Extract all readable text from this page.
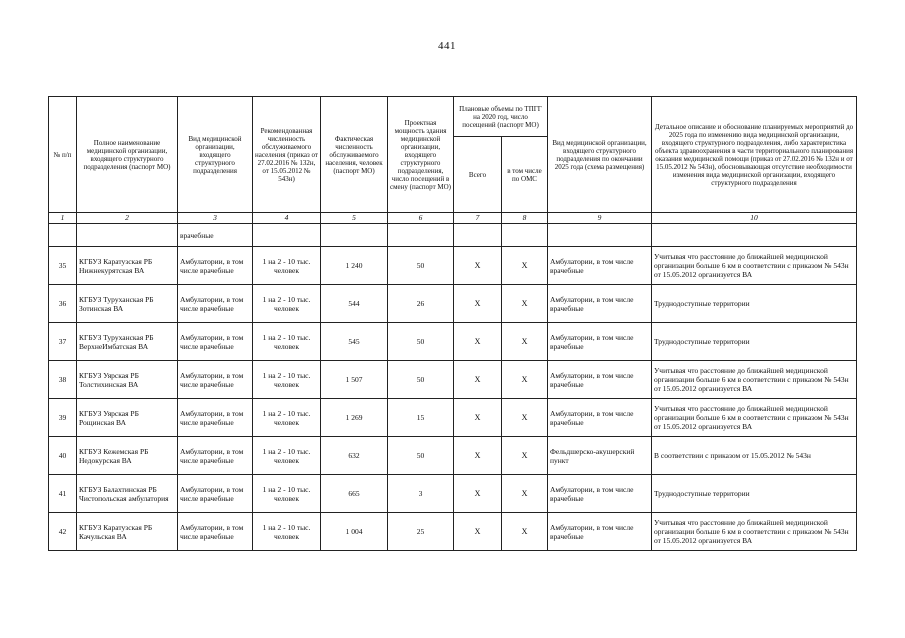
441
№ п/п	Полное наименование медицинской организации, входящего структурного подразделения (паспорт МО)	Вид медицинской организации, входящего структурного подразделения	Рекомендованная численность обслуживаемого населения (приказ от 27.02.2016 № 132н, от 15.05.2012 № 543н)	Фактическая численность обслуживаемого населения, человек (паспорт МО)	Проектная мощность здания медицинской организации, входящего структурного подразделения, число посещений в смену (паспорт МО)	Плановые объемы по ТПГГ на 2020 год, число посещений (паспорт МО)		Вид медицинской организации, входящего структурного подразделения по окончании 2025 года (схема размещения)	Детальное описание и обоснование планируемых мероприятий до 2025 года по изменению вида медицинской организации, входящего структурного подразделения, либо характеристика объекта здравоохранения в части территориального планирования оказания медицинской помощи (приказ от 27.02.2016 № 132н и от 15.05.2012 № 543н), обосновывающая отсутствие необходимости изменения вида медицинской организации, входящего структурного подразделения
						Всего	в том числе по ОМС		
1	2	3	4	5	6	7	8	9	10
		врачебные							
35	КГБУЗ Каратузская РБ Нижнекурятская ВА	Амбулатории, в том числе врачебные	1 на 2 - 10 тыс. человек	1 240	50	X	X	Амбулатории, в том числе врачебные	Учитывая что расстояние до ближайшей медицинской организации больше 6 км в соответствии с приказом № 543н от 15.05.2012 организуется ВА
36	КГБУЗ Туруханская РБ Зотинская ВА	Амбулатории, в том числе врачебные	1 на 2 - 10 тыс. человек	544	26	X	X	Амбулатории, в том числе врачебные	Труднодоступные территории
37	КГБУЗ Туруханская РБ ВерхнеИмбатская ВА	Амбулатории, в том числе врачебные	1 на 2 - 10 тыс. человек	545	50	X	X	Амбулатории, в том числе врачебные	Труднодоступные территории
38	КГБУЗ Уярская РБ Толстихинская ВА	Амбулатории, в том числе врачебные	1 на 2 - 10 тыс. человек	1 507	50	X	X	Амбулатории, в том числе врачебные	Учитывая что расстояние до ближайшей медицинской организации больше 6 км в соответствии с приказом № 543н от 15.05.2012 организуется ВА
39	КГБУЗ Уярская РБ Рощинская ВА	Амбулатории, в том числе врачебные	1 на 2 - 10 тыс. человек	1 269	15	X	X	Амбулатории, в том числе врачебные	Учитывая что расстояние до ближайшей медицинской организации больше 6 км в соответствии с приказом № 543н от 15.05.2012 организуется ВА
40	КГБУЗ Кежемская РБ Недокурская ВА	Амбулатории, в том числе врачебные	1 на 2 - 10 тыс. человек	632	50	X	X	Фельдшерско-акушерский пункт	В соответствии с приказом от 15.05.2012 № 543н
41	КГБУЗ Балахтинская РБ Чистопольская амбулатория	Амбулатории, в том числе врачебные	1 на 2 - 10 тыс. человек	665	3	X	X	Амбулатории, в том числе врачебные	Труднодоступные территории
42	КГБУЗ Каратузская РБ Качульская ВА	Амбулатории, в том числе врачебные	1 на 2 - 10 тыс. человек	1 004	25	X	X	Амбулатории, в том числе врачебные	Учитывая что расстояние до ближайшей медицинской организации больше 6 км в соответствии с приказом № 543н от 15.05.2012 организуется ВА
